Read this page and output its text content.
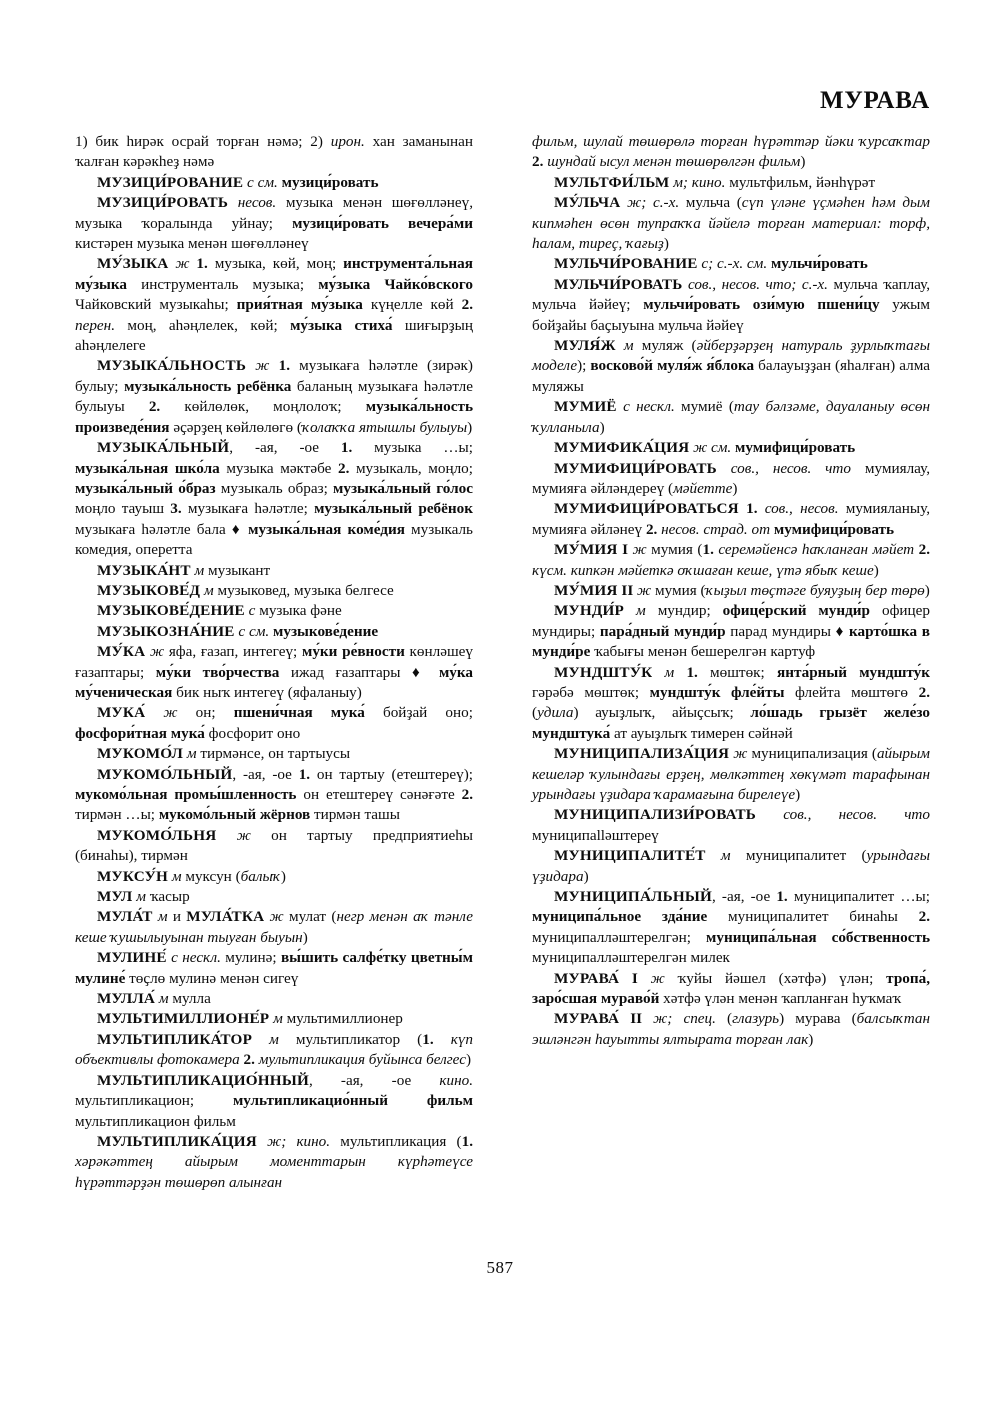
МУРАВА

1) бик һирәк осрай торған нәмә; 2) ирон. хан заманынан ҡалған кәрәкһеҙ нәмә

МУЗИЦИ́РОВАНИЕ с см. музици́ровать

МУЗИЦИ́РОВАТЬ несов. музыка менән шөғөлләнеү, музыка ҡоралында уйнау; музици́ровать вечера́ми кистәрен музыка менән шөғөлләнеү

МУ́ЗЫКА ж 1. музыка, көй, моң; инструмента́льная му́зыка инструменталь музыка; му́зыка Чайко́вского Чайковский музыкаһы; прия́тная му́зыка күңелле көй 2. перен. моң, аһәңлелек, көй; му́зыка стиха́ шиғырҙың аһәңлелеге

МУЗЫКА́ЛЬНОСТЬ ж 1. музыкаға һәләтле (зирәк) булыу; музыка́льность ребёнка баланың музыкаға һәләтле булыуы 2. көйлөлөк, моңлолоҡ; музыка́льность произведе́ния әҫәрҙең көйлөлөгө (ҡолаҡҡа ятышлы булыуы)

МУЗЫКА́ЛЬНЫЙ, -ая, -ое 1. музыка …ы; музыка́льная шко́ла музыка мәктәбе 2. музыкаль, моңло; музыка́льный о́браз музыкаль образ; музыка́льный го́лос моңло тауыш 3. музыкаға һәләтле; музыка́льный ребёнок музыкаға һәләтле бала ♦ музыка́льная коме́дия музыкаль комедия, оперетта

МУЗЫКА́НТ м музыкант

МУЗЫКОВЕ́Д м музыковед, музыка белгесе

МУЗЫКОВЕ́ДЕНИЕ с музыка фәне

МУЗЫКОЗНА́НИЕ с см. музыкове́дение

МУ́КА ж яфа, ғазап, интегеү; му́ки ре́вности көнләшеү ғазаптары; му́ки тво́рчества ижад ғазаптары ♦ му́ка му́ченическая бик ныҡ интегеү (яфаланыу)

МУКА́ ж он; пшени́чная мука́ бойҙай оно; фосфори́тная мука́ фосфорит оно

МУКОМО́Л м тирмәнсе, он тартыусы

МУКОМО́ЛЬНЫЙ, -ая, -ое 1. он тартыу (етештереү); мукомо́льная промы́шленность он етештереү сәнәғәте 2. тирмән …ы; мукомо́льный жёрнов тирмән ташы

МУКОМО́ЛЬНЯ ж он тартыу предприятиеһы (бинаһы), тирмән

МУКСУ́Н м муксун (балыҡ)

МУЛ м ҡасыр

МУЛА́Т м и МУЛА́ТКА ж мулат (негр менән аҡ тәнле кеше ҡушылыуынан тыуған быуын)

МУЛИНЕ́ с нескл. мулинә; вы́шить салфе́тку цветны́м мулине́ төҫлө мулинә менән сигеү

МУЛЛА́ м мулла

МУЛЬТИМИЛЛИОНЕ́Р м мультимиллионер

МУЛЬТИПЛИКА́ТОР м мультипликатор (1. күп объективлы фотокамера 2. мультипликация буйынса белгес)

МУЛЬТИПЛИКАЦИО́ННЫЙ, -ая, -ое кино. мультипликацион; мультипликацио́нный фильм мультипликацион фильм

МУЛЬТИПЛИКА́ЦИЯ ж; кино. мультипликация (1. хәрәкәттең айырым моменттарын күрһәтеүсе һүрәттәрҙән төшөрөп алынған

фильм, шулай төшөрөлә торған һүрәттәр йәки ҡурсаҡтар 2. шундай ысул менән төшөрөлгән фильм)

МУЛЬТФИ́ЛЬМ м; кино. мультфильм, йәнһүрәт

МУ́ЛЬЧА ж; с.-х. мульча (сүп үләне үҫмәһен һәм дым кипмәһен өсөн тупраҡҡа йәйелә торған материал: торф, һалам, тиреҫ, ҡағыҙ)

МУЛЬЧИ́РОВАНИЕ с; с.-х. см. мульчи́ровать

МУЛЬЧИ́РОВАТЬ сов., несов. что; с.-х. мульча ҡаплау, мульча йәйеү; мульчи́ровать ози́мую пшени́цу ужым бойҙайы баҫыуына мульча йәйеү

МУЛЯ́Ж м муляж (әйберҙәрҙең натураль ҙурлыҡтағы моделе); восково́й муля́ж я́блока балауыҙҙан (яһалған) алма муляжы

МУМИЁ с нескл. мумиё (тау бәлзәме, дауаланыу өсөн ҡулланыла)

МУМИФИКА́ЦИЯ ж см. мумифици́ровать

МУМИФИЦИ́РОВАТЬ сов., несов. что мумиялау, мумияға әйләндереү (мәйетте)

МУМИФИЦИ́РОВАТЬСЯ 1. сов., несов. мумияланыу, мумияға әйләнеү 2. несов. страд. от мумифици́ровать

МУ́МИЯ I ж мумия (1. серемәйенсә һаҡланған мәйет 2. күсм. кипкән мәйеткә оҡшаған кеше, үтә ябыҡ кеше)

МУ́МИЯ II ж мумия (ҡыҙыл төҫтәге буяуҙың бер төрө)

МУНДИ́Р м мундир; офице́рский мунди́р офицер мундиры; пара́дный мунди́р парад мундиры ♦ карто́шка в мунди́ре ҡабығы менән бешерелгән картуф

МУНДШТУ́К м 1. мөштөк; янта́рный мундшту́к гәрәбә мөштөк; мундшту́к фле́йты флейта мөштөгө 2. (удила) ауыҙлыҡ, айыҫсыҡ; ло́шадь грызёт желе́зо мундштука́ ат ауыҙлыҡ тимeрен сәйнәй

МУНИЦИПАЛИЗА́ЦИЯ ж муниципализация (айырым кешеләр ҡулындағы ерҙең, мөлкәттең хөкүмәт тарафынан урындағы үҙидара ҡарамағына бирелеүе)

МУНИЦИПАЛИЗИ́РОВАТЬ сов., несов. что муниципallәштереү

МУНИЦИПАЛИТЕ́Т м муниципалитет (урындағы үҙидара)

МУНИЦИПА́ЛЬНЫЙ, -ая, -ое 1. муниципалитет …ы; муниципа́льное зда́ние муниципалитет бинаһы 2. муниципалләштерелгән; муниципа́льная со́бственность муниципалләштерелгән милек

МУРАВА́ I ж ҡуйы йәшел (хәтфә) үлән; тропа́, заро́сшая мураво́й хәтфә үлән менән ҡапланған һуҡмаҡ

МУРАВА́ II ж; спец. (глазурь) мурава (балсыҡтан эшләнгән һауытты ялтырата торған лак)

587
